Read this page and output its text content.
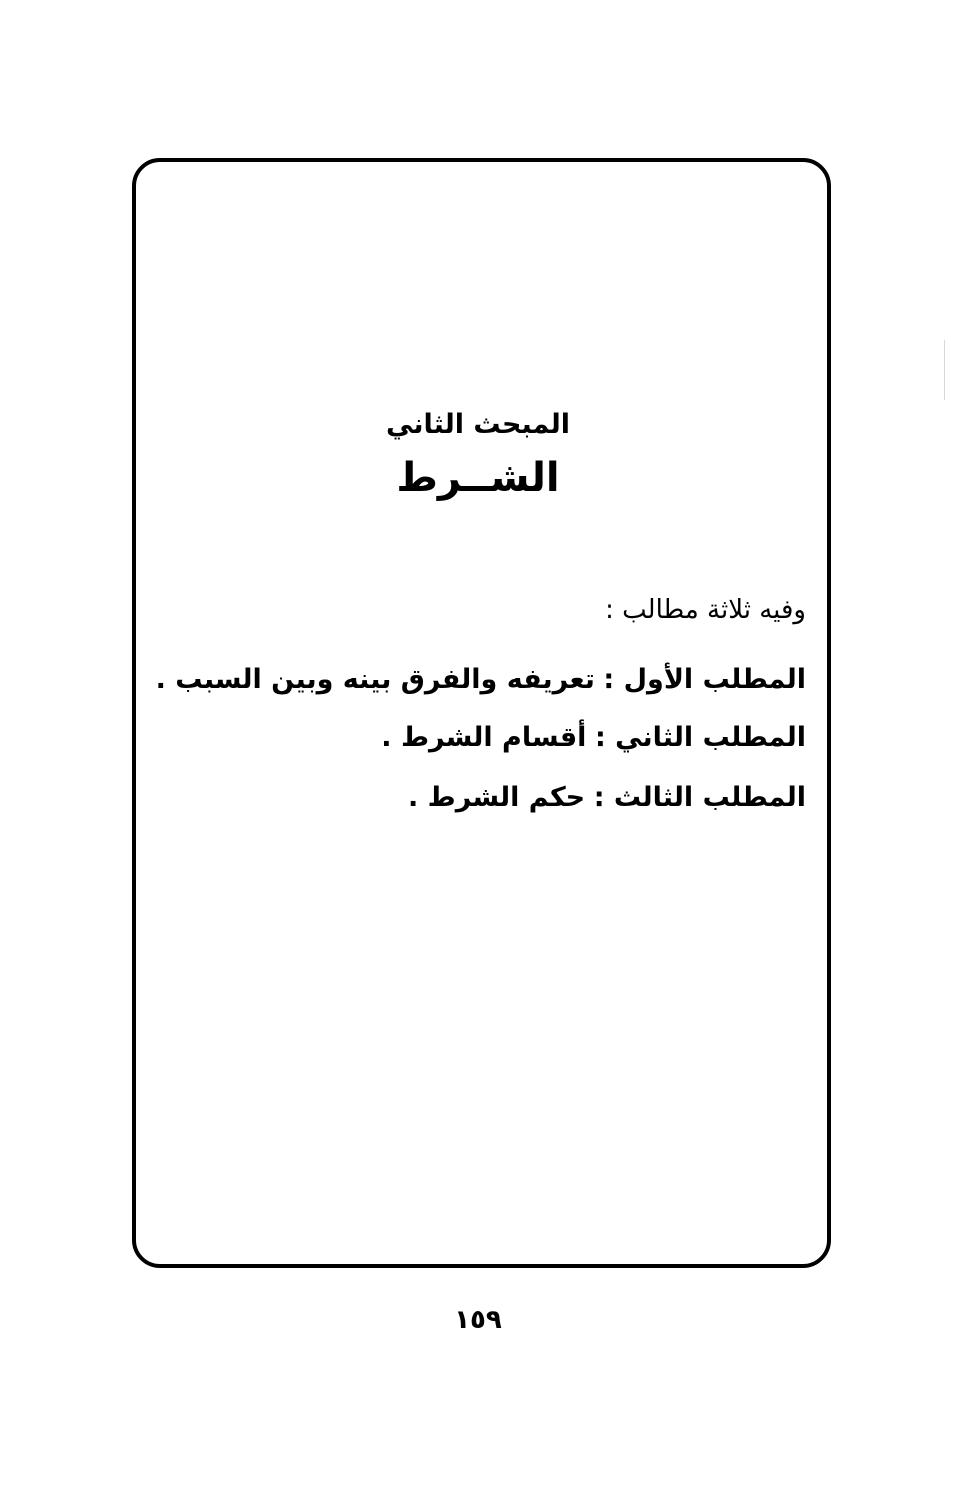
المبحث الثاني
الشــرط
وفيه ثلاثة مطالب :
المطلب الأول : تعريفه والفرق بينه وبين السبب .
المطلب الثاني : أقسام الشرط .
المطلب الثالث : حكم الشرط .
١٥٩
